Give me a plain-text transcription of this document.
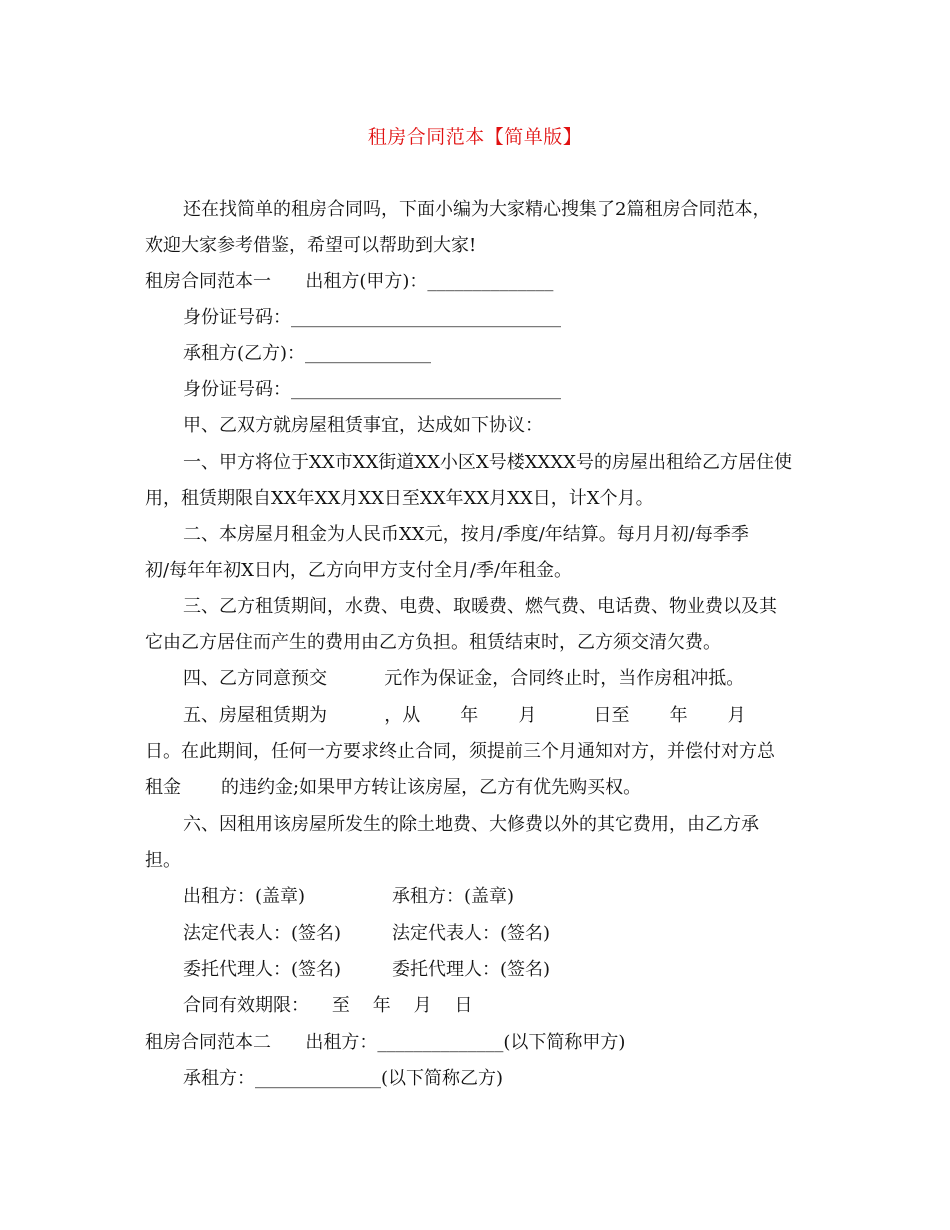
租房合同范本【简单版】
还在找简单的租房合同吗，下面小编为大家精心搜集了2篇租房合同范本，
欢迎大家参考借鉴，希望可以帮助到大家!
租房合同范本一      出租方(甲方)：______________
身份证号码：______________________________
承租方(乙方)：______________
身份证号码：______________________________
甲、乙双方就房屋租赁事宜，达成如下协议：
一、甲方将位于XX市XX街道XX小区X号楼XXXX号的房屋出租给乙方居住使
用，租赁期限自XX年XX月XX日至XX年XX月XX日，计X个月。
二、本房屋月租金为人民币XX元，按月/季度/年结算。每月月初/每季季
初/每年年初X日内，乙方向甲方支付全月/季/年租金。
三、乙方租赁期间，水费、电费、取暖费、燃气费、电话费、物业费以及其
它由乙方居住而产生的费用由乙方负担。租赁结束时，乙方须交清欠费。
四、乙方同意预交          元作为保证金，合同终止时，当作房租冲抵。
五、房屋租赁期为          ，从       年       月          日至       年       月
日。在此期间，任何一方要求终止合同，须提前三个月通知对方，并偿付对方总
租金       的违约金;如果甲方转让该房屋，乙方有优先购买权。
六、因租用该房屋所发生的除土地费、大修费以外的其它费用，由乙方承
担。
出租方：(盖章)	承租方：(盖章)
法定代表人：(签名)	法定代表人：(签名)
委托代理人：(签名)	委托代理人：(签名)
合同有效期限：    至    年    月    日
租房合同范本二      出租方：______________(以下简称甲方)
承租方：______________(以下简称乙方)
